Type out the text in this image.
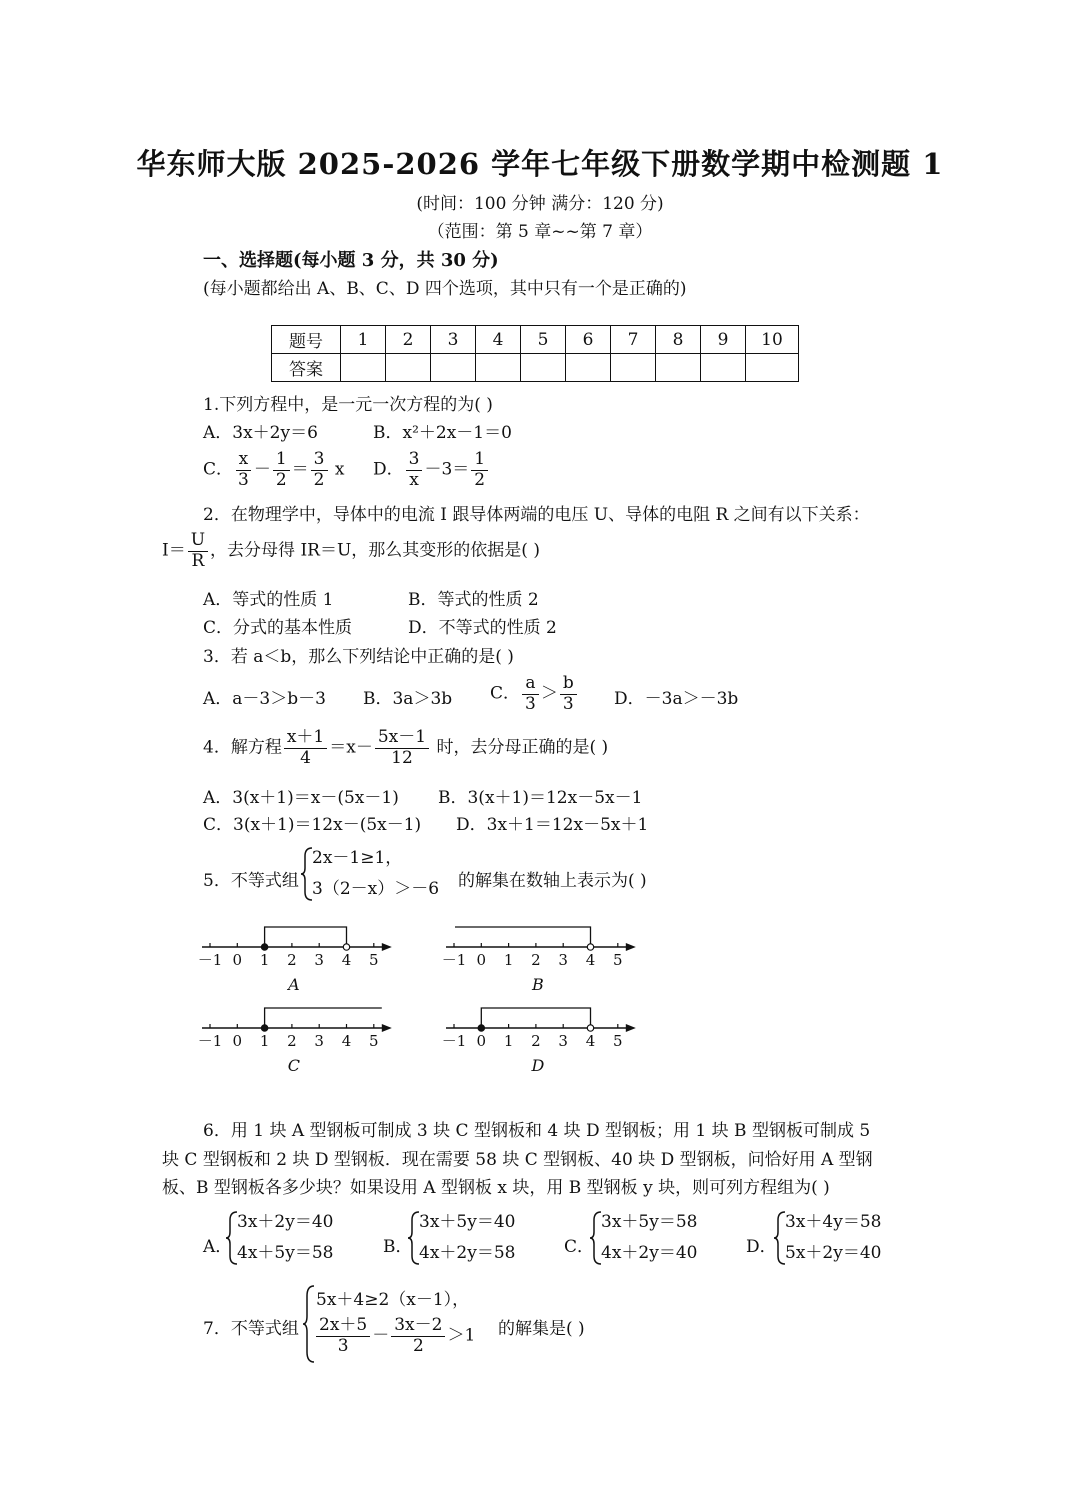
华东师大版 2025-2026 学年七年级下册数学期中检测题 1
(时间：100 分钟 满分：120 分)
（范围：第 5 章~~第 7 章）
一、选择题(每小题 3 分，共 30 分)
(每小题都给出 A、B、C、D 四个选项，其中只有一个是正确的)
题号	1	2	3	4	5	6	7	8	9	10
答案										
1.下列方程中，是一元一次方程的为( )
A．3x＋2y＝6	B．x²＋2x－1＝0
C． $\frac{x}{3} - \frac{1}{2} = \frac{3}{2}$ x D． $\frac{3}{x} -3= \frac{1}{2}$
2．在物理学中，导体中的电流 I 跟导体两端的电压 U、导体的电阻 R 之间有以下关系：
$I= \frac{U}{R}$ ，去分母得 IR＝U，那么其变形的依据是( )
A．等式的性质 1	B．等式的性质 2
C．分式的基本性质	D．不等式的性质 2
3．若 a＜b，那么下列结论中正确的是( )
A．a－3＞b－3 B．3a＞3b C． $\frac{a}{3} > \frac{b}{3}$ D．－3a＞－3b
4．解方程 $\frac{x+1}{4} =x- \frac{5x-1}{12}$ 时，去分母正确的是( )
A．3(x＋1)＝x－(5x－1) B．3(x＋1)＝12x－5x－1
C．3(x＋1)＝12x－(5x－1) D．3x＋1＝12x－5x＋1
5．不等式组
2x－1≥1，
3（2－x）＞－6 的解集在数轴上表示为( )
－1 0 1 2 3 4 5
A
－1 0 1 2 3 4 5
B
－1 0 1 2 3 4 5
C
－1 0 1 2 3 4 5
D
6．用 1 块 A 型钢板可制成 3 块 C 型钢板和 4 块 D 型钢板；用 1 块 B 型钢板可制成 5
块 C 型钢板和 2 块 D 型钢板．现在需要 58 块 C 型钢板、40 块 D 型钢板，问恰好用 A 型钢
板、B 型钢板各多少块？如果设用 A 型钢板 x 块，用 B 型钢板 y 块，则可列方程组为( )
A．
3x＋2y＝40
4x＋5y＝58	B．
3x＋5y＝40
4x＋2y＝58	C．
3x＋5y＝58
4x＋2y＝40	D．
3x＋4y＝58
5x＋2y＝40
7．不等式组
5x＋4≥2（x－1），
$\frac{2x+5}{3} - \frac{3x-2}{2} >1$ 的解集是( )
